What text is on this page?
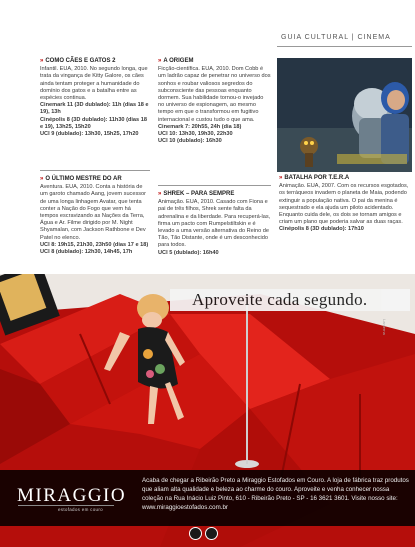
GUIA CULTURAL | CINEMA
» COMO CÃES E GATOS 2
Infantil. EUA, 2010. No segundo longa, que trata da vingança de Kitty Galore, os cães ainda tentam proteger a humanidade do domínio dos gatos e a batalha entre as espécies continua.
Cinemark 11 (3D dublado): 11h (dias 18 e 19), 13h
Cinépolis 8 (3D dublado): 11h30 (dias 18 e 19), 13h25, 15h20
UCI 9 (dublado): 13h30, 15h25, 17h20
» O ÚLTIMO MESTRE DO AR
Aventura. EUA, 2010. Conta a história de um garoto chamado Aang, jovem sucessor de uma longa linhagem Avatar, que tenta conter a Nação do Fogo que vem há tempos escravizando as Nações da Terra, Água e Ar. Filme dirigido por M. Night Shyamalan, com Jackson Rathbone e Dev Patel no elenco.
UCI 8: 19h15, 21h30, 23h50 (dias 17 e 18)
UCI 8 (dublado): 12h30, 14h45, 17h
» A ORIGEM
Ficção-científica. EUA, 2010. Dom Cobb é um ladrão capaz de penetrar no universo dos sonhos e roubar valiosos segredos do subconsciente das pessoas enquanto dormem. Sua habilidade tornou-o invejado no universo de espionagem, ao mesmo tempo em que o transformou em fugitivo internacional e custou tudo o que ama.
Cinemark 7: 20h55, 24h (dia 18)
UCI 10: 13h30, 19h30, 22h30
UCI 10 (dublado): 16h30
» SHREK – PARA SEMPRE
Animação. EUA, 2010. Casado com Fiona e pai de três filhos, Shrek sente falta da adrenalina e da liberdade. Para recuperá-las, firma um pacto com Rumpelstiltskin e é levado a uma versão alternativa do Reino de Tão, Tão Distante, onde é um desconhecido para todos.
UCI 5 (dublado): 16h40
» BATALHA POR T.E.R.A
Animação. EUA, 2007. Com os recursos esgotados, os terráqueos invadem o planeta de Maia, podendo extinguir a população nativa. O pai da menina é sequestrado e ela ajuda um piloto acidentado. Enquanto cuida dele, os dois se tornam amigos e criam um plano que poderia salvar as duas raças.
Cinépolis 8 (3D dublado): 17h10
Aproveite cada segundo.
Lanterna
MIRAGGIO
estofados em couro
Acaba de chegar a Ribeirão Preto a Miraggio Estofados em Couro. A loja de fábrica traz produtos que aliam alta qualidade e beleza ao charme do couro. Aproveite e venha conhecer nossa coleção na Rua Inácio Luiz Pinto, 610 - Ribeirão Preto - SP - 16 3621 3601. Visite nosso site: www.miraggioestofados.com.br
